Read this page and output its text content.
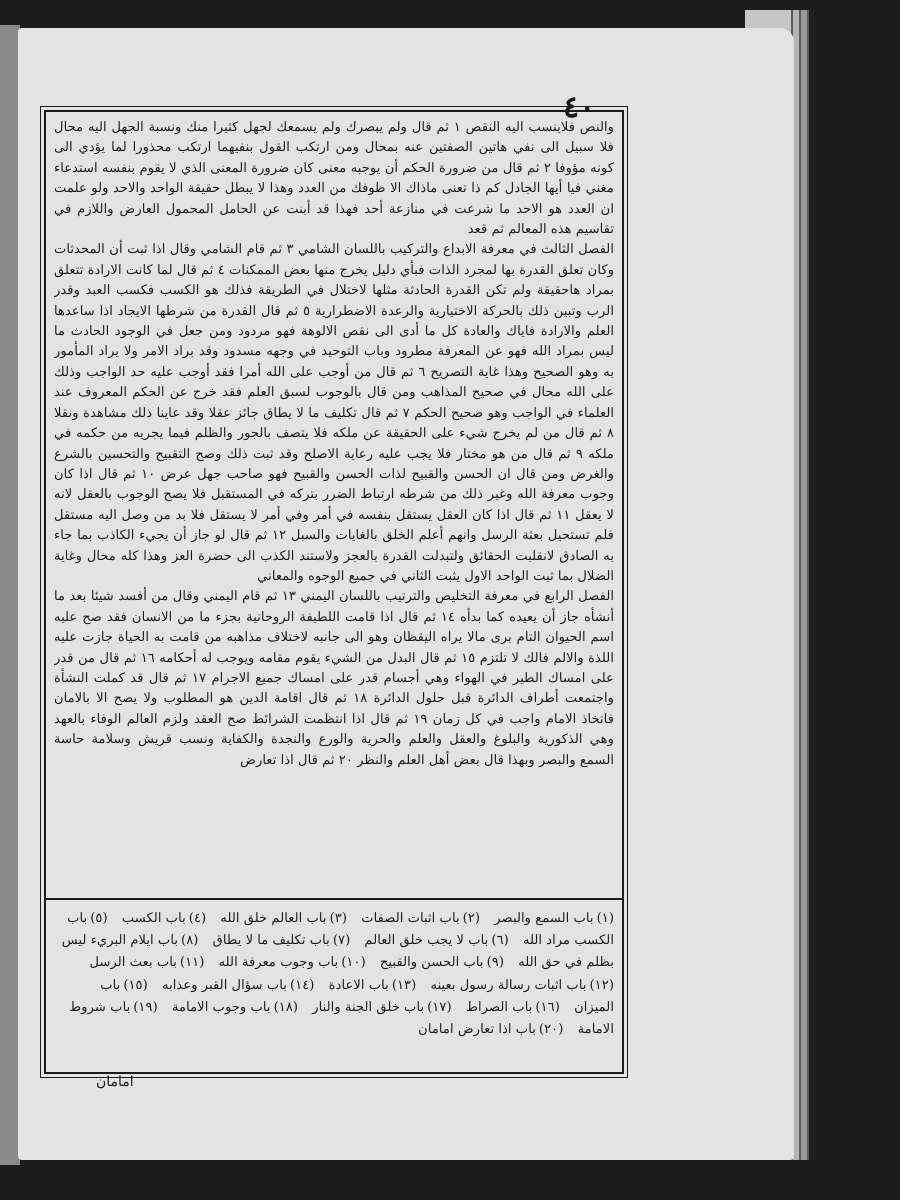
٤٠

والنص فلاينسب اليه النقص ١ ثم قال ولم يبصرك ولم يسمعك لجهل كثيرا منك ونسبة الجهل اليه محال فلا سبيل الى نفي هاتين الصفتين عنه بمحال ومن ارتكب القول بنفيهما ارتكب محذورا لما يؤدي الى كونه مؤوفا ٢ ثم قال من ضرورة الحكم أن يوجبه معنى كان ضرورة المعنى الذي لا يقوم بنفسه استدعاء مغني فيا أيها الجادل كم ذا تعنى ماذاك الا ظوفك من العدد وهذا لا يبطل حقيقة الواحد والاحد ولو علمت ان العدد هو الاحد ما شرعت في منازعة أحد فهذا قد أبنت عن الحامل المحمول العارض واللازم في تقاسيم هذه المعالم ثم قعد

الفصل الثالث في معرفة الابداع والتركيب باللسان الشامي ٣ ثم قام الشامي وقال اذا ثبت أن المحدثات وكان تعلق القدرة بها لمجرد الذات فبأي دليل يخرج منها بعض الممكنات ٤ ثم قال لما كانت الارادة تتعلق بمراد هاحقيقة ولم تكن القدرة الحادثة مثلها لاختلال في الطريقة فذلك هو الكسب فكسب العبد وقدر الرب وتبين ذلك بالحركة الاختيارية والرعدة الاضطرارية ٥ ثم قال القدرة من شرطها الايجاد اذا ساعدها العلم والارادة فاياك والعادة كل ما أدى الى نقص الالوهة فهو مردود ومن جعل في الوجود الحادث ما ليس بمراد الله فهو عن المعرفة مطرود وباب التوحيد في وجهه مسدود وقد براد الامر ولا يراد المأمور به وهو الصحيح وهذا غاية التصريح ٦ ثم قال من أوجب على الله أمرا فقد أوجب عليه حد الواجب وذلك على الله محال في صحيح المذاهب ومن قال بالوجوب لسبق العلم فقد خرج عن الحكم المعروف عند العلماء في الواجب وهو صحيح الحكم ٧ ثم قال تكليف ما لا يطاق جائز عقلا وقد عاينا ذلك مشاهدة ونقلا ٨ ثم قال من لم يخرج شيء على الحقيقة عن ملكه فلا يتصف بالجور والظلم فيما يجريه من حكمه في ملكه ٩ ثم قال من هو مختار فلا يجب عليه رعاية الاصلح وقد ثبت ذلك وصح التقبيح والتحسين بالشرع والغرض ومن قال ان الحسن والقبيح لذات الحسن والقبيح فهو صاحب جهل عرض ١٠ ثم قال اذا كان وجوب معرفة الله وغير ذلك من شرطه ارتباط الضرر بتركه في المستقبل فلا يصح الوجوب بالعقل لانه لا يعقل ١١ ثم قال اذا كان العقل يستقل بنفسه في أمر وفي أمر لا يستقل فلا بد من وصل اليه مستقل فلم تستحيل بعثة الرسل وانهم أعلم الخلق بالغايات والسبل ١٢ ثم قال لو جاز أن يجيء الكاذب بما جاء به الصادق لانقلبت الحقائق ولتبدلت القدرة بالعجز ولاستند الكذب الى حضرة العز وهذا كله محال وغاية الضلال بما ثبت الواحد الاول يثبت الثاني في جميع الوجوه والمعاني

الفصل الرابع في معرفة التخليص والترتيب باللسان اليمني ١٣ ثم قام اليمني وقال من أفسد شيئا بعد ما أنشأه جاز أن يعيده كما بدأه ١٤ ثم قال اذا قامت اللطيفة الروحانية بجزء ما من الانسان فقد صح عليه اسم الحيوان التام برى مالا يراه اليقظان وهو الى جانبه لاختلاف مذاهبه من قامت به الحياة جازت عليه اللذة والالم فالك لا تلتزم ١٥ ثم قال البدل من الشيء يقوم مقامه ويوجب له أحكامه ١٦ ثم قال من قدر على امساك الطير في الهواء وهي أجسام قدر على امساك جميع الاجرام ١٧ ثم قال قد كملت النشأة واجتمعت أطراف الدائرة قبل حلول الدائرة ١٨ ثم قال اقامة الدين هو المطلوب ولا يصح الا بالامان فاتخاذ الامام واجب في كل زمان ١٩ ثم قال اذا انتظمت الشرائط صح العقد ولزم العالم الوفاء بالعهد وهي الذكورية والبلوغ والعقل والعلم والحرية والورع والنجدة والكفاية ونسب قريش وسلامة حاسة السمع والبصر وبهذا قال بعض أهل العلم والنظر ٢٠ ثم قال اذا تعارض

(١)باب السمع والبصر (٢)باب اثبات الصفات (٣)باب العالم خلق الله (٤)باب الكسب (٥)باب الكسب مراد الله (٦)باب لا يجب خلق العالم (٧)باب تكليف ما لا يطاق (٨)باب ايلام البريء ليس بظلم في حق الله (٩)باب الحسن والقبيح (١٠)باب وجوب معرفة الله (١١)باب بعث الرسل (١٢)باب اثبات رسالة رسول بعينه (١٣)باب الاعادة (١٤)باب سؤال القبر وعذابه (١٥)باب الميزان (١٦)باب الصراط (١٧)باب خلق الجنة والنار (١٨)باب وجوب الامامة (١٩)باب شروط الامامة (٢٠)باب اذا تعارض امامان
امامان
